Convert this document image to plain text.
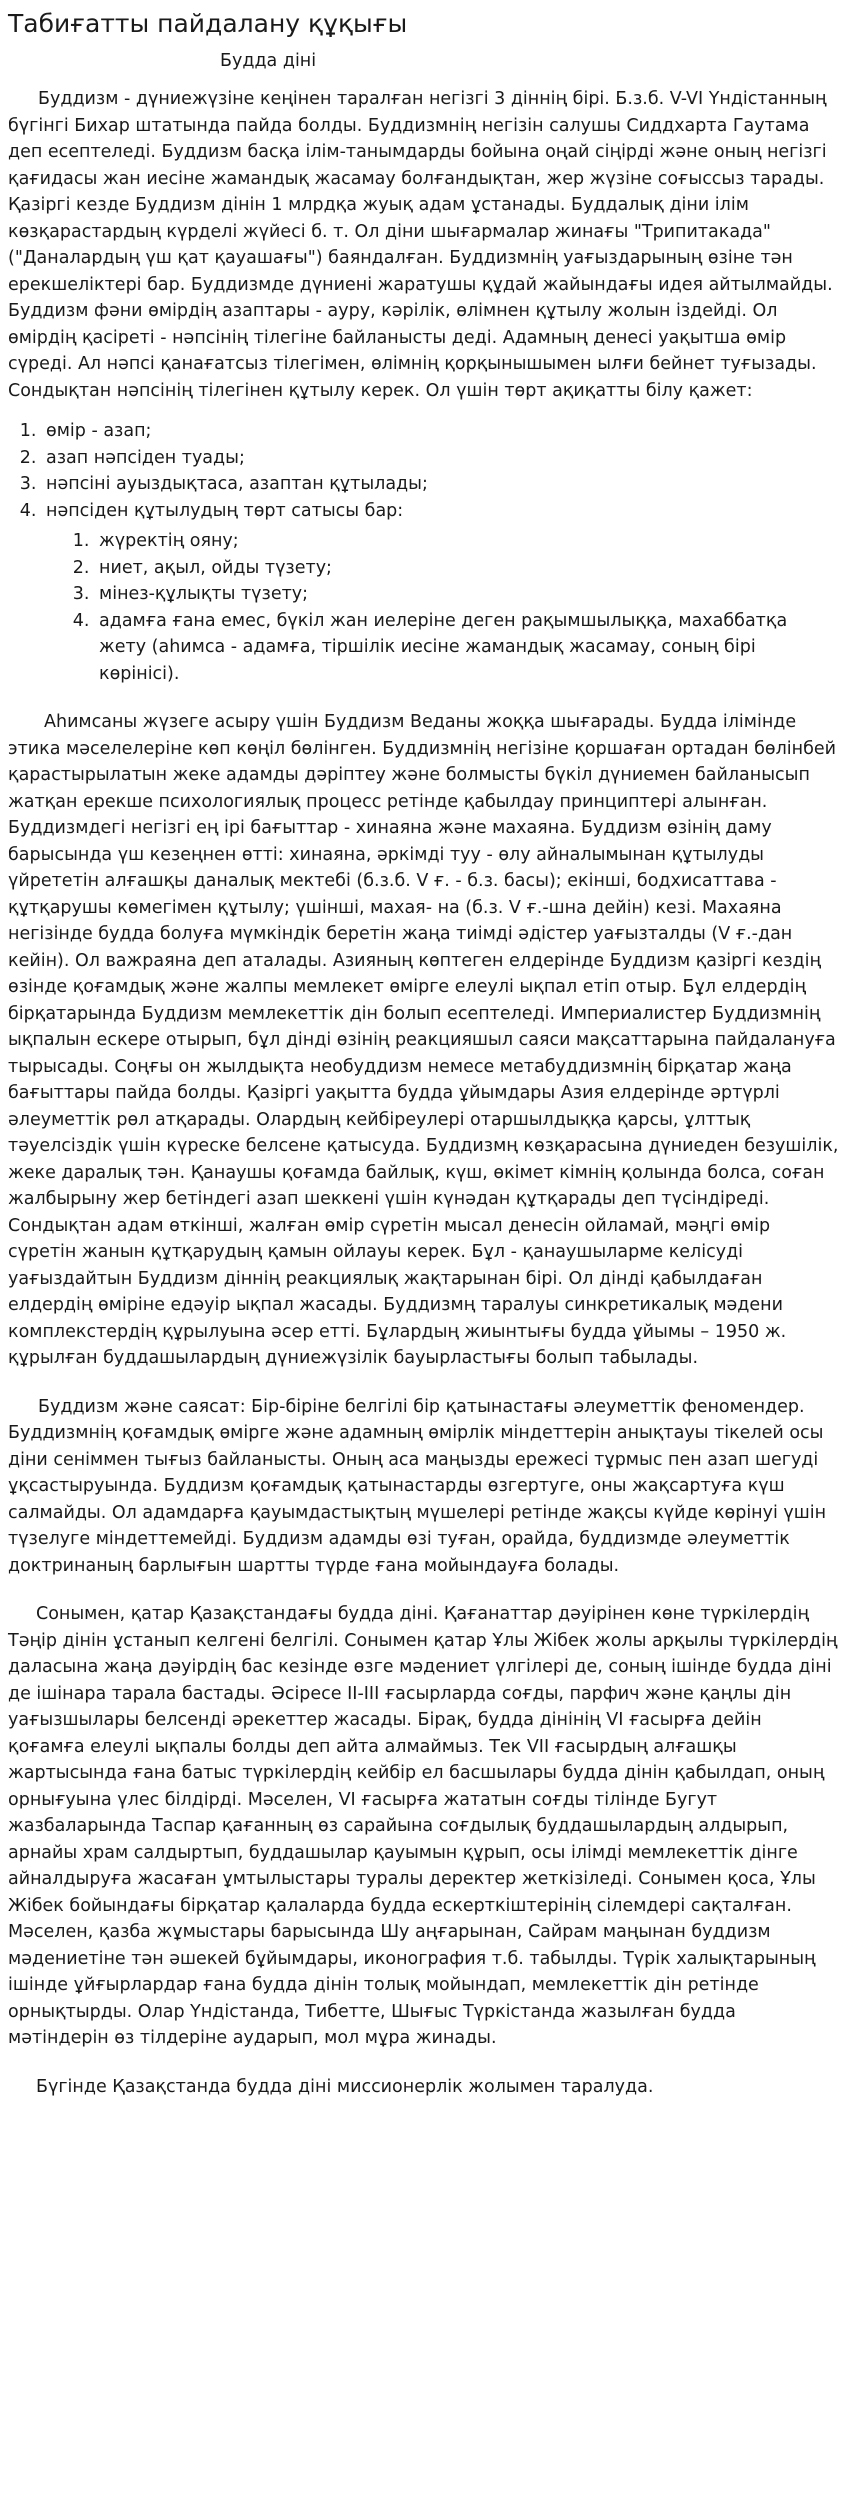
Табиғатты пайдалану құқығы
Будда діні

Буддизм - дүниежүзіне кеңінен таралған негізгі 3 діннің бірі. Б.з.б. V-VI Үндістанның бүгінгі Бихар штатында пайда болды. Буддизмнің негізін салушы Сиддхарта Гаутама деп есептеледі. Буддизм басқа ілім-танымдарды бойына оңай сіңірді және оның негізгі қағидасы жан иесіне жамандық жасамау болғандықтан, жер жүзіне соғыссыз тарады. Қазіргі кезде Буддизм дінін 1 млрдқа жуық адам ұстанады. Буддалық діни ілім көзқарастардың күрделі жүйесі б. т. Ол діни шығармалар жинағы "Трипитакада" ("Даналардың үш қат қауашағы") баяндалған. Буддизмнің уағыздарының өзіне тән ерекшеліктері бар. Буддизмде дүниені жаратушы құдай жайындағы идея айтылмайды. Буддизм фәни өмірдің азаптары - ауру, кәрілік, өлімнен құтылу жолын іздейді. Ол өмірдің қасіреті - нәпсінің тілегіне байланысты деді. Адамның денесі уақытша өмір сүреді. Ал нәпсі қанағатсыз тілегімен, өлімнің қорқынышымен ылғи бейнет туғызады. Сондықтан нәпсінің тілегінен құтылу керек. Ол үшін төрт ақиқатты білу қажет:

1. өмір - азап;
2. азап нәпсіден туады;
3. нәпсіні ауыздықтаса, азаптан құтылады;
4. нәпсіден құтылудың төрт сатысы бар:
1. жүректің ояну;
2. ниет, ақыл, ойды түзету;
3. мінез-құлықты түзету;
4. адамға ғана емес, бүкіл жан иелеріне деген рақымшылыққа, махаббатқа жету (аһимса - адамға, тіршілік иесіне жамандық жасамау, соның бірі көрінісі).

Аһимсаны жүзеге асыру үшін Буддизм Веданы жоққа шығарады. Будда ілімінде этика мәселелеріне көп көңіл бөлінген. Буддизмнің негізіне қоршаған ортадан бөлінбей қарастырылатын жеке адамды дәріптеу және болмысты бүкіл дүниемен байланысып жатқан ерекше психологиялық процесс ретінде қабылдау принциптері алынған. Буддизмдегі негізгі ең ірі бағыттар - хинаяна және махаяна. Буддизм өзінің даму барысында үш кезеңнен өтті: хинаяна, әркімді туу - өлу айналымынан құтылуды үйрететін алғашқы даналық мектебі (б.з.б. V ғ. - б.з. басы); екінші, бодхисаттава - құтқарушы көмегімен құтылу; үшінші, махая- на (б.з. V ғ.-шна дейін) кезі. Махаяна негізінде будда болуға мүмкіндік беретін жаңа тиімді әдістер уағызталды (V ғ.-дан кейін). Ол важраяна деп аталады. Азияның көптеген елдерінде Буддизм қазіргі кездің өзінде қоғамдық және жалпы мемлекет өмірге елеулі ықпал етіп отыр. Бұл елдердің бірқатарында Буддизм мемлекеттік дін болып есептеледі. Империалистер Буддизмнің ықпалын ескере отырып, бұл дінді өзінің реакцияшыл саяси мақсаттарына пайдалануға тырысады. Соңғы он жылдықта необуддизм немесе метабуддизмнің бірқатар жаңа бағыттары пайда болды. Қазіргі уақытта будда ұйымдары Азия елдерінде әртүрлі әлеуметтік рөл атқарады. Олардың кейбіреулері отаршылдыққа қарсы, ұлттық тәуелсіздік үшін күреске белсене қатысуда. Буддизмң көзқарасына дүниеден безушілік, жеке даралық тән. Қанаушы қоғамда байлық, күш, өкімет кімнің қолында болса, соған жалбырыну жер бетіндегі азап шеккені үшін күнәдан құтқарады деп түсіндіреді. Сондықтан адам өткінші, жалған өмір сүретін мысал денесін ойламай, мәңгі өмір сүретін жанын құтқарудың қамын ойлауы керек. Бұл - қанаушыларме келісуді уағыздайтын Буддизм діннің реакциялық жақтарынан бірі. Ол дінді қабылдаған елдердің өміріне едәуір ықпал жасады. Буддизмң таралуы синкретикалық мәдени комплекстердің құрылуына әсер етті. Бұлардың жиынтығы будда ұйымы – 1950 ж. құрылған буддашылардың дүниежүзілік бауырластығы болып табылады.

Буддизм және саясат: Бір-біріне белгілі бір қатынастағы әлеуметтік феномендер. Буддизмнің қоғамдық өмірге және адамның өмірлік міндеттерін анықтауы тікелей осы діни сеніммен тығыз байланысты. Оның аса маңызды ережесі тұрмыс пен азап шегуді ұқсастыруында. Буддизм қоғамдық қатынастарды өзгертуге, оны жақсартуға күш салмайды. Ол адамдарға қауымдастықтың мүшелері ретінде жақсы күйде көрінуі үшін түзелуге міндеттемейді. Буддизм адамды өзі туған, орайда, буддизмде әлеуметтік доктринаның барлығын шартты түрде ғана мойындауға болады.

Сонымен, қатар Қазақстандағы будда діні. Қағанаттар дәуірінен көне түркілердің Тәңір дінін ұстанып келгені белгілі. Сонымен қатар Ұлы Жібек жолы арқылы түркілердің даласына жаңа дәуірдің бас кезінде өзге мәдениет үлгілері де, соның ішінде будда діні де ішінара тарала бастады. Әсіресе II-III ғасырларда соғды, парфич және қаңлы дін уағызшылары белсенді әрекеттер жасады. Бірақ, будда дінінің VI ғасырға дейін қоғамға елеулі ықпалы болды деп айта алмаймыз. Тек VII ғасырдың алғашқы жартысында ғана батыс түркілердің кейбір ел басшылары будда дінін қабылдап, оның орнығуына үлес білдірді. Мәселен, VI ғасырға жататын соғды тілінде Бугут жазбаларында Таспар қағанның өз сарайына соғдылық буддашылардың алдырып, арнайы храм салдыртып, буддашылар қауымын құрып, осы ілімді мемлекеттік дінге айналдыруға жасаған ұмтылыстары туралы деректер жеткізіледі. Сонымен қоса, Ұлы Жібек бойындағы бірқатар қалаларда будда ескерткіштерінің сілемдері сақталған. Мәселен, қазба жұмыстары барысында Шу аңғарынан, Сайрам маңынан буддизм мәдениетіне тән әшекей бұйымдары, иконография т.б. табылды. Түрік халықтарының ішінде ұйғырлардар ғана будда дінін толық мойындап, мемлекеттік дін ретінде орнықтырды. Олар Үндістанда, Тибетте, Шығыс Түркістанда жазылған будда мәтіндерін өз тілдеріне аударып, мол мұра жинады.

Бүгінде Қазақстанда будда діні миссионерлік жолымен таралуда.
